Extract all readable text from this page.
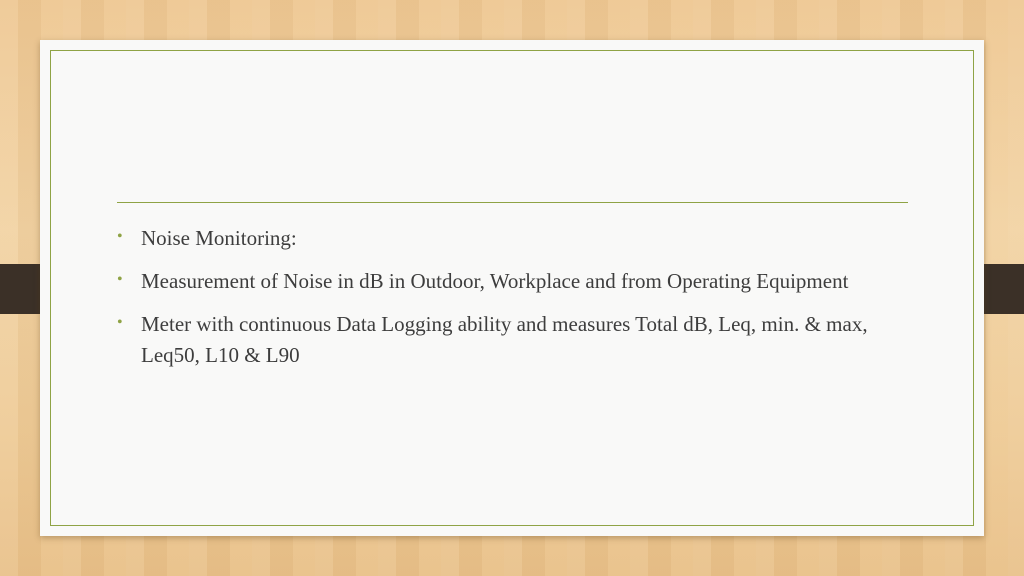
• Noise Monitoring:
• Measurement of Noise in dB in Outdoor, Workplace and from Operating Equipment
• Meter with continuous Data Logging ability and measures Total dB, Leq, min. & max, Leq50, L10 & L90
